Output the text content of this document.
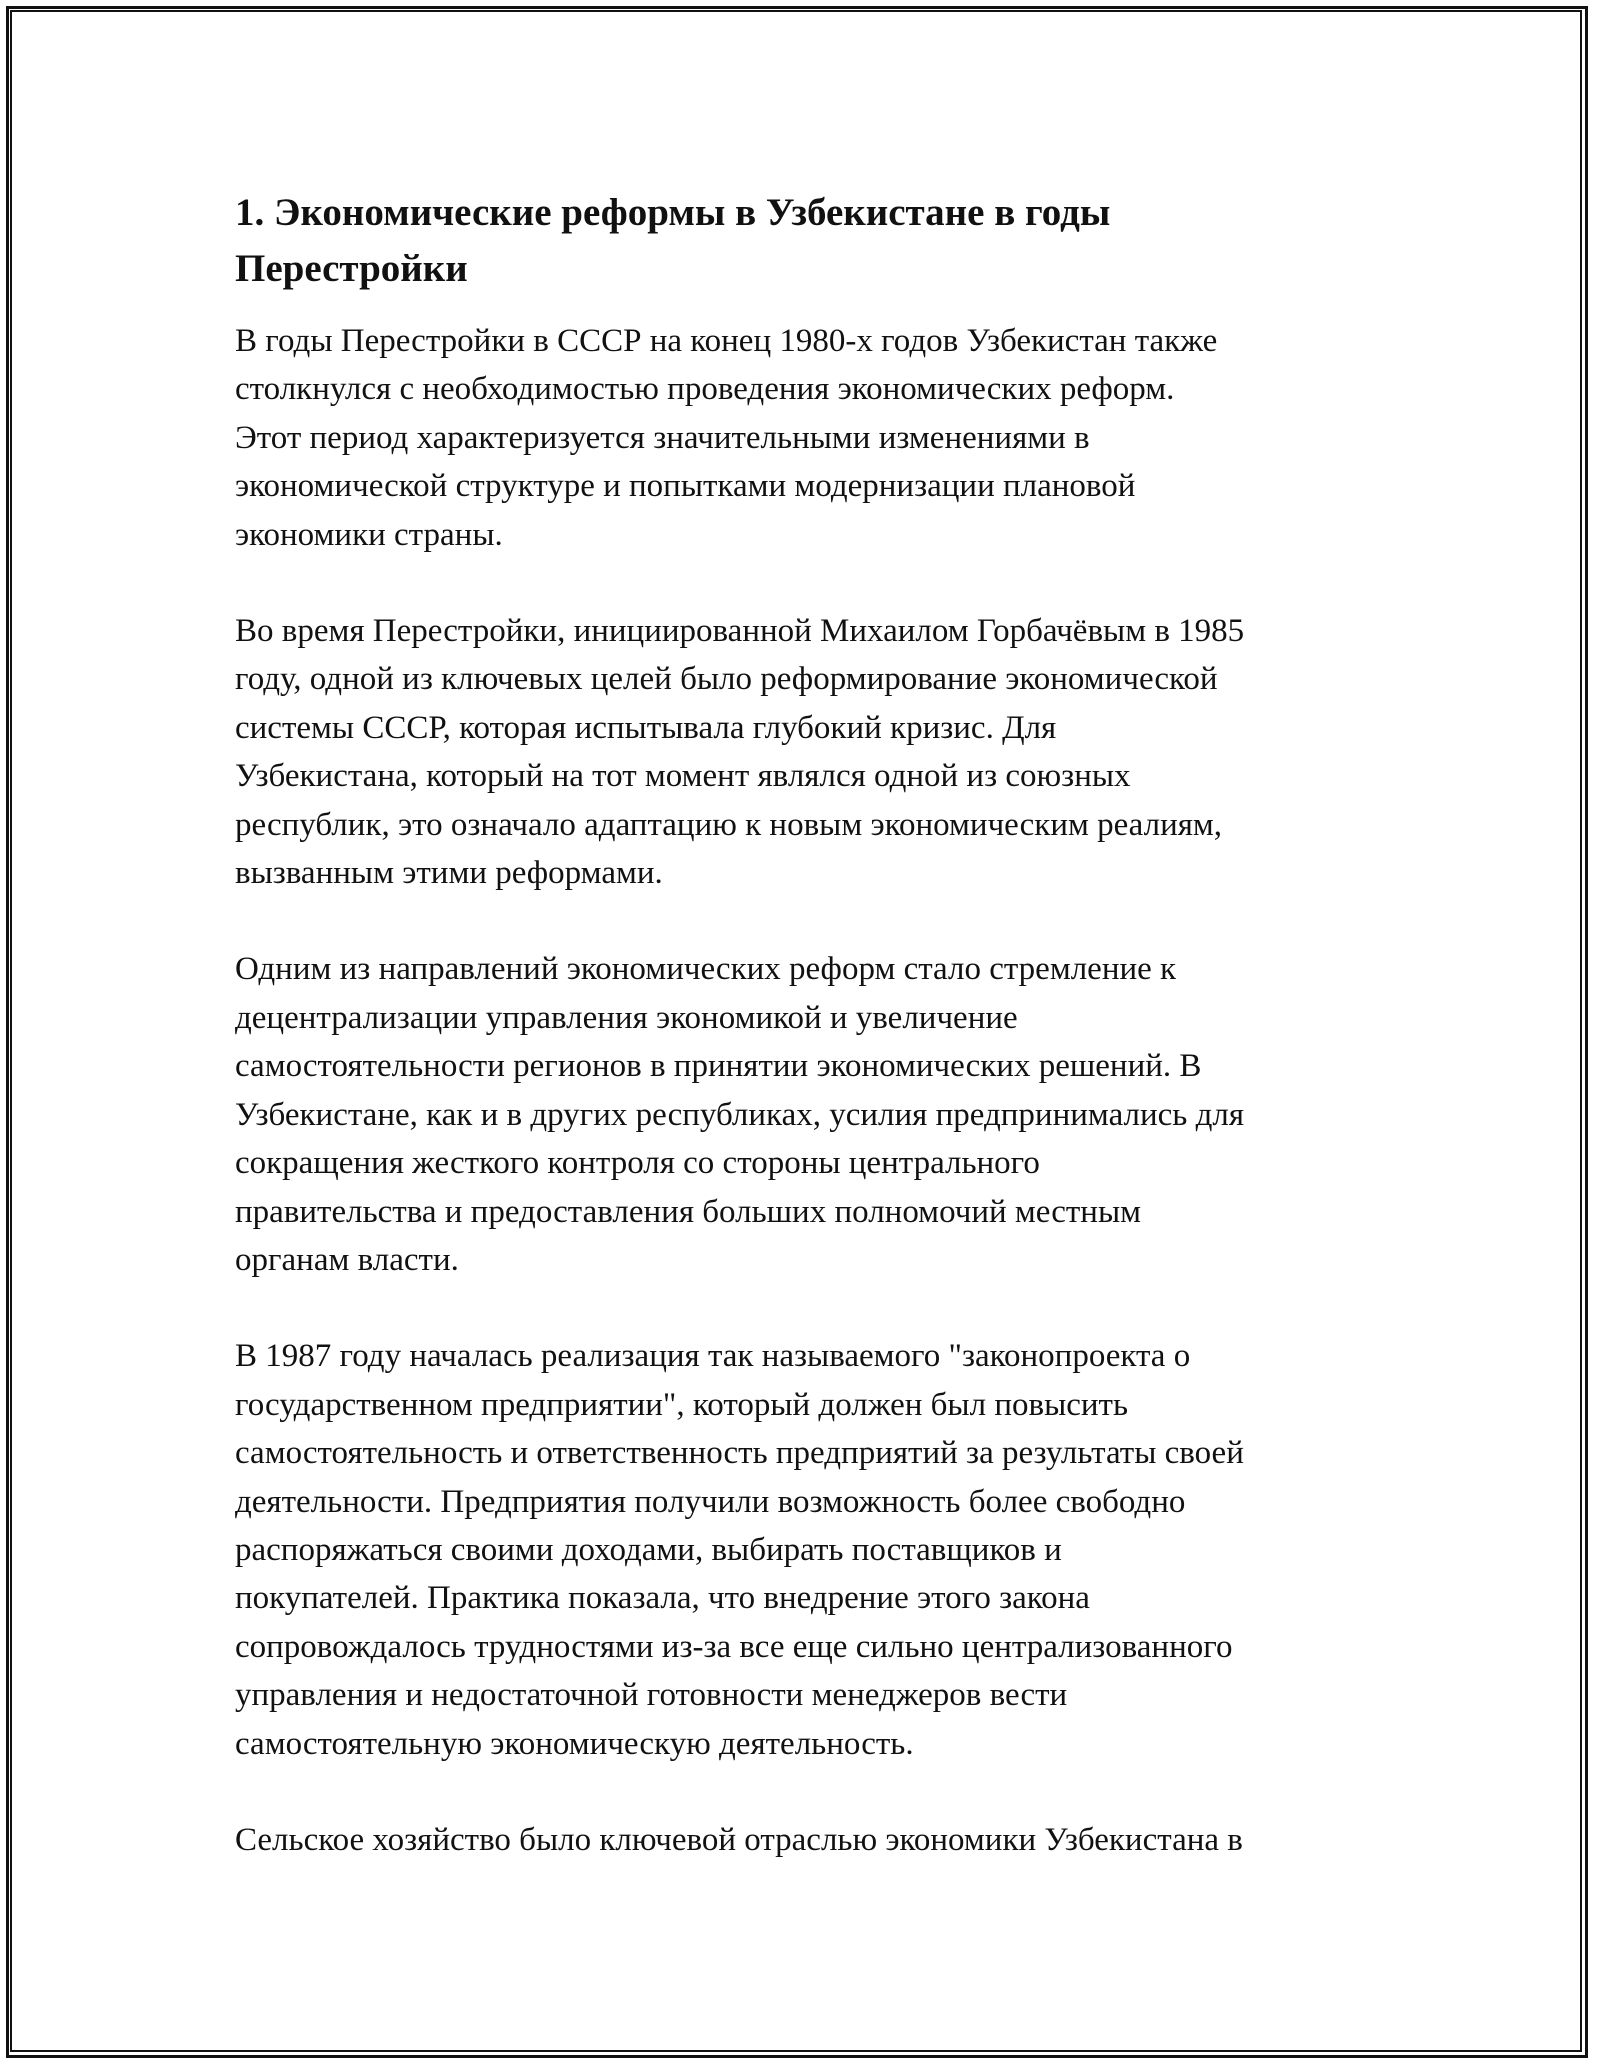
1. Экономические реформы в Узбекистане в годы
Перестройки

В годы Перестройки в СССР на конец 1980-х годов Узбекистан также
столкнулся с необходимостью проведения экономических реформ.
Этот период характеризуется значительными изменениями в
экономической структуре и попытками модернизации плановой
экономики страны.

Во время Перестройки, инициированной Михаилом Горбачёвым в 1985
году, одной из ключевых целей было реформирование экономической
системы СССР, которая испытывала глубокий кризис. Для
Узбекистана, который на тот момент являлся одной из союзных
республик, это означало адаптацию к новым экономическим реалиям,
вызванным этими реформами.

Одним из направлений экономических реформ стало стремление к
децентрализации управления экономикой и увеличение
самостоятельности регионов в принятии экономических решений. В
Узбекистане, как и в других республиках, усилия предпринимались для
сокращения жесткого контроля со стороны центрального
правительства и предоставления больших полномочий местным
органам власти.

В 1987 году началась реализация так называемого "законопроекта о
государственном предприятии", который должен был повысить
самостоятельность и ответственность предприятий за результаты своей
деятельности. Предприятия получили возможность более свободно
распоряжаться своими доходами, выбирать поставщиков и
покупателей. Практика показала, что внедрение этого закона
сопровождалось трудностями из-за все еще сильно централизованного
управления и недостаточной готовности менеджеров вести
самостоятельную экономическую деятельность.

Сельское хозяйство было ключевой отраслью экономики Узбекистана в
